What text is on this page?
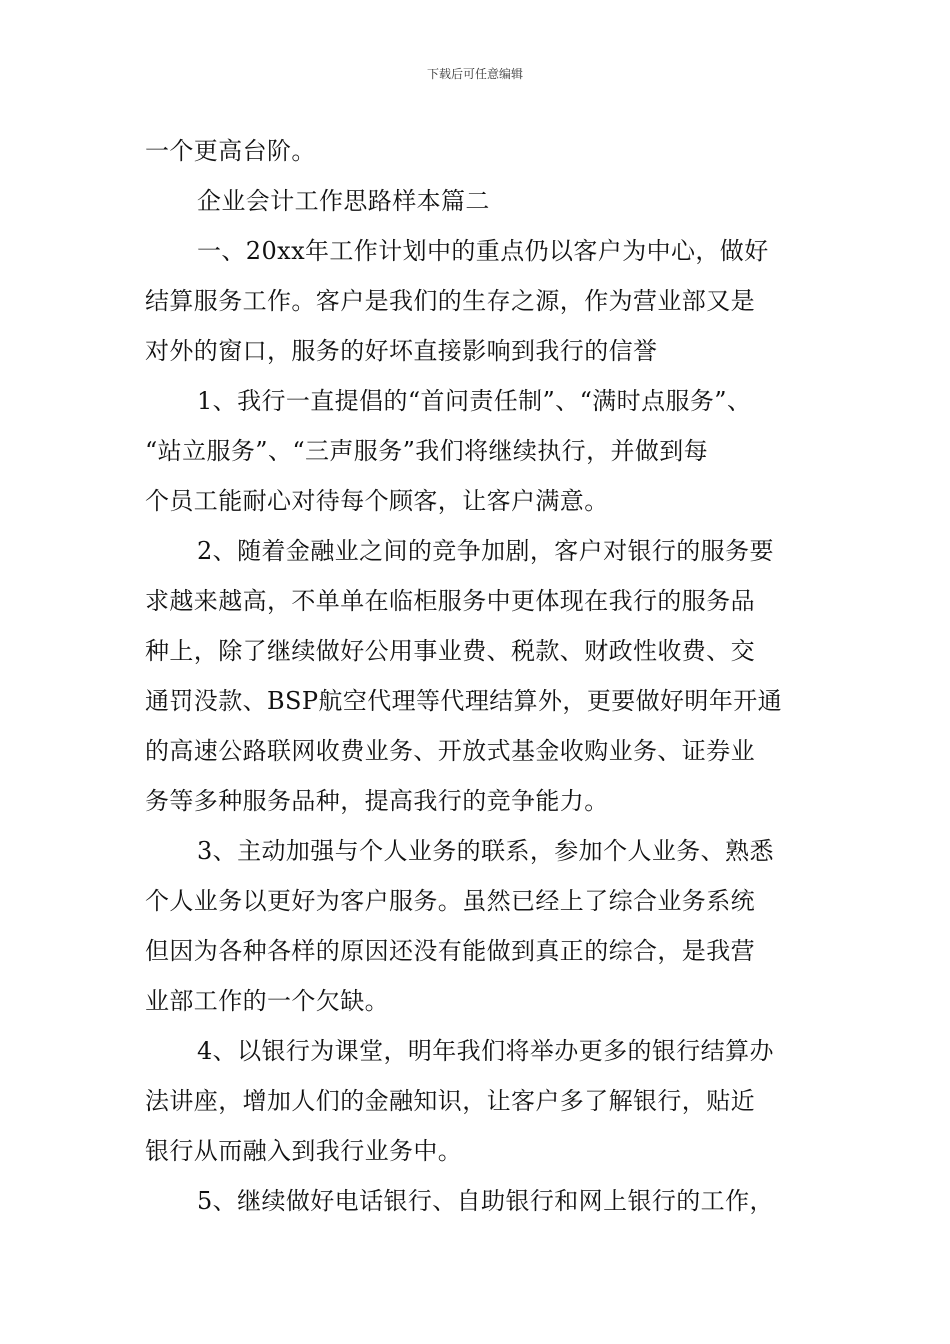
下载后可任意编辑
一个更高台阶。
企业会计工作思路样本篇二
一、20xx年工作计划中的重点仍以客户为中心，做好
结算服务工作。客户是我们的生存之源，作为营业部又是
对外的窗口，服务的好坏直接影响到我行的信誉
1、我行一直提倡的“首问责任制”、“满时点服务”、
“站立服务”、“三声服务”我们将继续执行，并做到每
个员工能耐心对待每个顾客，让客户满意。
2、随着金融业之间的竞争加剧，客户对银行的服务要
求越来越高，不单单在临柜服务中更体现在我行的服务品
种上，除了继续做好公用事业费、税款、财政性收费、交
通罚没款、BSP航空代理等代理结算外，更要做好明年开通
的高速公路联网收费业务、开放式基金收购业务、证券业
务等多种服务品种，提高我行的竞争能力。
3、主动加强与个人业务的联系，参加个人业务、熟悉
个人业务以更好为客户服务。虽然已经上了综合业务系统
但因为各种各样的原因还没有能做到真正的综合，是我营
业部工作的一个欠缺。
4、以银行为课堂，明年我们将举办更多的银行结算办
法讲座，增加人们的金融知识，让客户多了解银行，贴近
银行从而融入到我行业务中。
5、继续做好电话银行、自助银行和网上银行的工作，
